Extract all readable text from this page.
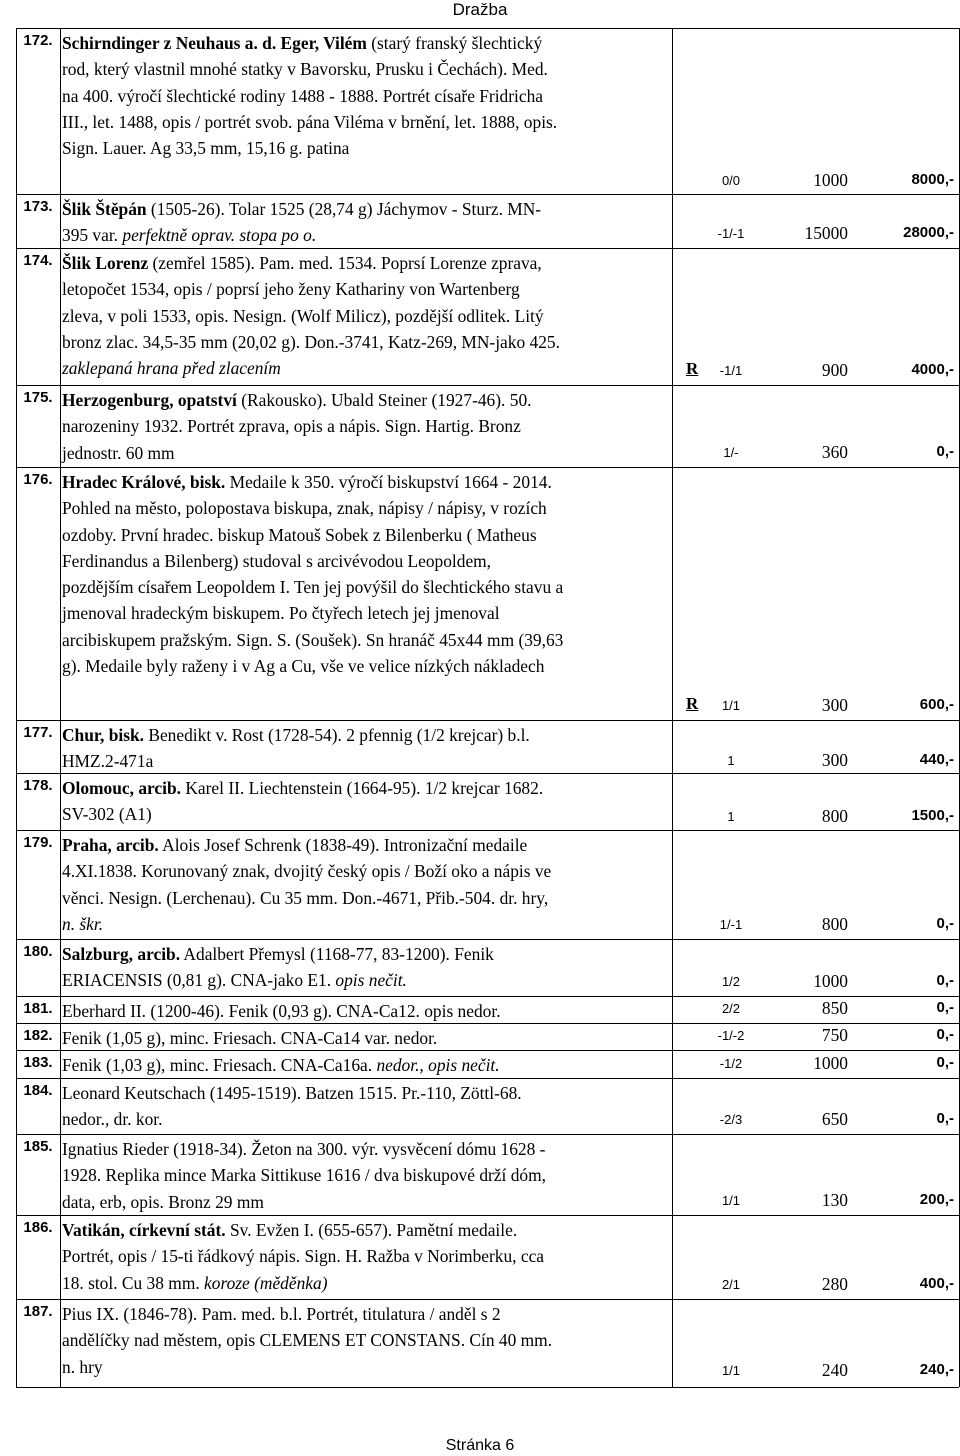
Dražba
172. Schirndinger z Neuhaus a. d. Eger, Vilém (starý franský šlechtický
rod, který vlastnil mnohé statky v Bavorsku, Prusku i Čechách). Med.
na 400. výročí šlechtické rodiny 1488 - 1888. Portrét císaře Fridricha
III., let. 1488, opis / portrét svob. pána Viléma v brnění, let. 1888, opis.
Sign. Lauer. Ag 33,5 mm, 15,16 g. patina
0/0	1000	8000,-
173. Šlik Štěpán (1505-26). Tolar 1525 (28,74 g) Jáchymov - Sturz. MN-
395 var. perfektně oprav. stopa po o.	-1/-1	15000	28000,-
174. Šlik Lorenz (zemřel 1585). Pam. med. 1534. Poprsí Lorenze zprava,
letopočet 1534, opis / poprsí jeho ženy Kathariny von Wartenberg
zleva, v poli 1533, opis. Nesign. (Wolf Milicz), pozdější odlitek. Litý
bronz zlac. 34,5-35 mm (20,02 g). Don.-3741, Katz-269, MN-jako 425.
zaklepaná hrana před zlacením	R	-1/1	900	4000,-
175. Herzogenburg, opatství (Rakousko). Ubald Steiner (1927-46). 50.
narozeniny 1932. Portrét zprava, opis a nápis. Sign. Hartig. Bronz
jednostr. 60 mm	1/-	360	0,-
176. Hradec Králové, bisk. Medaile k 350. výročí biskupství 1664 - 2014.
Pohled na město, polopostava biskupa, znak, nápisy / nápisy, v rozích
ozdoby. První hradec. biskup Matouš Sobek z Bilenberku ( Matheus
Ferdinandus a Bilenberg) studoval s arcivévodou Leopoldem,
pozdějším císařem Leopoldem I. Ten jej povýšil do šlechtického stavu a
jmenoval hradeckým biskupem. Po čtyřech letech jej jmenoval
arcibiskupem pražským. Sign. S. (Soušek). Sn hranáč 45x44 mm (39,63
g). Medaile byly raženy i v Ag a Cu, vše ve velice nízkých nákladech
R	1/1	300	600,-
177. Chur, bisk. Benedikt v. Rost (1728-54). 2 pfennig (1/2 krejcar) b.l.
HMZ.2-471a	1	300	440,-
178. Olomouc, arcib. Karel II. Liechtenstein (1664-95). 1/2 krejcar 1682.
SV-302 (A1)	1	800	1500,-
179. Praha, arcib. Alois Josef Schrenk (1838-49). Intronizační medaile
4.XI.1838. Korunovaný znak, dvojitý český opis / Boží oko a nápis ve
věnci. Nesign. (Lerchenau). Cu 35 mm. Don.-4671, Přib.-504. dr. hry,
n. škr.	1/-1	800	0,-
180. Salzburg, arcib. Adalbert Přemysl (1168-77, 83-1200). Fenik
ERIACENSIS (0,81 g). CNA-jako E1. opis nečit.	1/2	1000	0,-
181. Eberhard II. (1200-46). Fenik (0,93 g). CNA-Ca12. opis nedor.	2/2	850	0,-
182. Fenik (1,05 g), minc. Friesach. CNA-Ca14 var. nedor.	-1/-2	750	0,-
183. Fenik (1,03 g), minc. Friesach. CNA-Ca16a. nedor., opis nečit.	-1/2	1000	0,-
184. Leonard Keutschach (1495-1519). Batzen 1515. Pr.-110, Zöttl-68.
nedor., dr. kor.	-2/3	650	0,-
185. Ignatius Rieder (1918-34). Žeton na 300. výr. vysvěcení dómu 1628 -
1928. Replika mince Marka Sittikuse 1616 / dva biskupové drží dóm,
data, erb, opis. Bronz 29 mm	1/1	130	200,-
186. Vatikán, církevní stát. Sv. Evžen I. (655-657). Pamětní medaile.
Portrét, opis / 15-ti řádkový nápis. Sign. H. Ražba v Norimberku, cca
18. stol. Cu 38 mm. koroze (měděnka)	2/1	280	400,-
187. Pius IX. (1846-78). Pam. med. b.l. Portrét, titulatura / anděl s 2
andělíčky nad městem, opis CLEMENS ET CONSTANS. Cín 40 mm.
n. hry	1/1	240	240,-
Stránka 6
